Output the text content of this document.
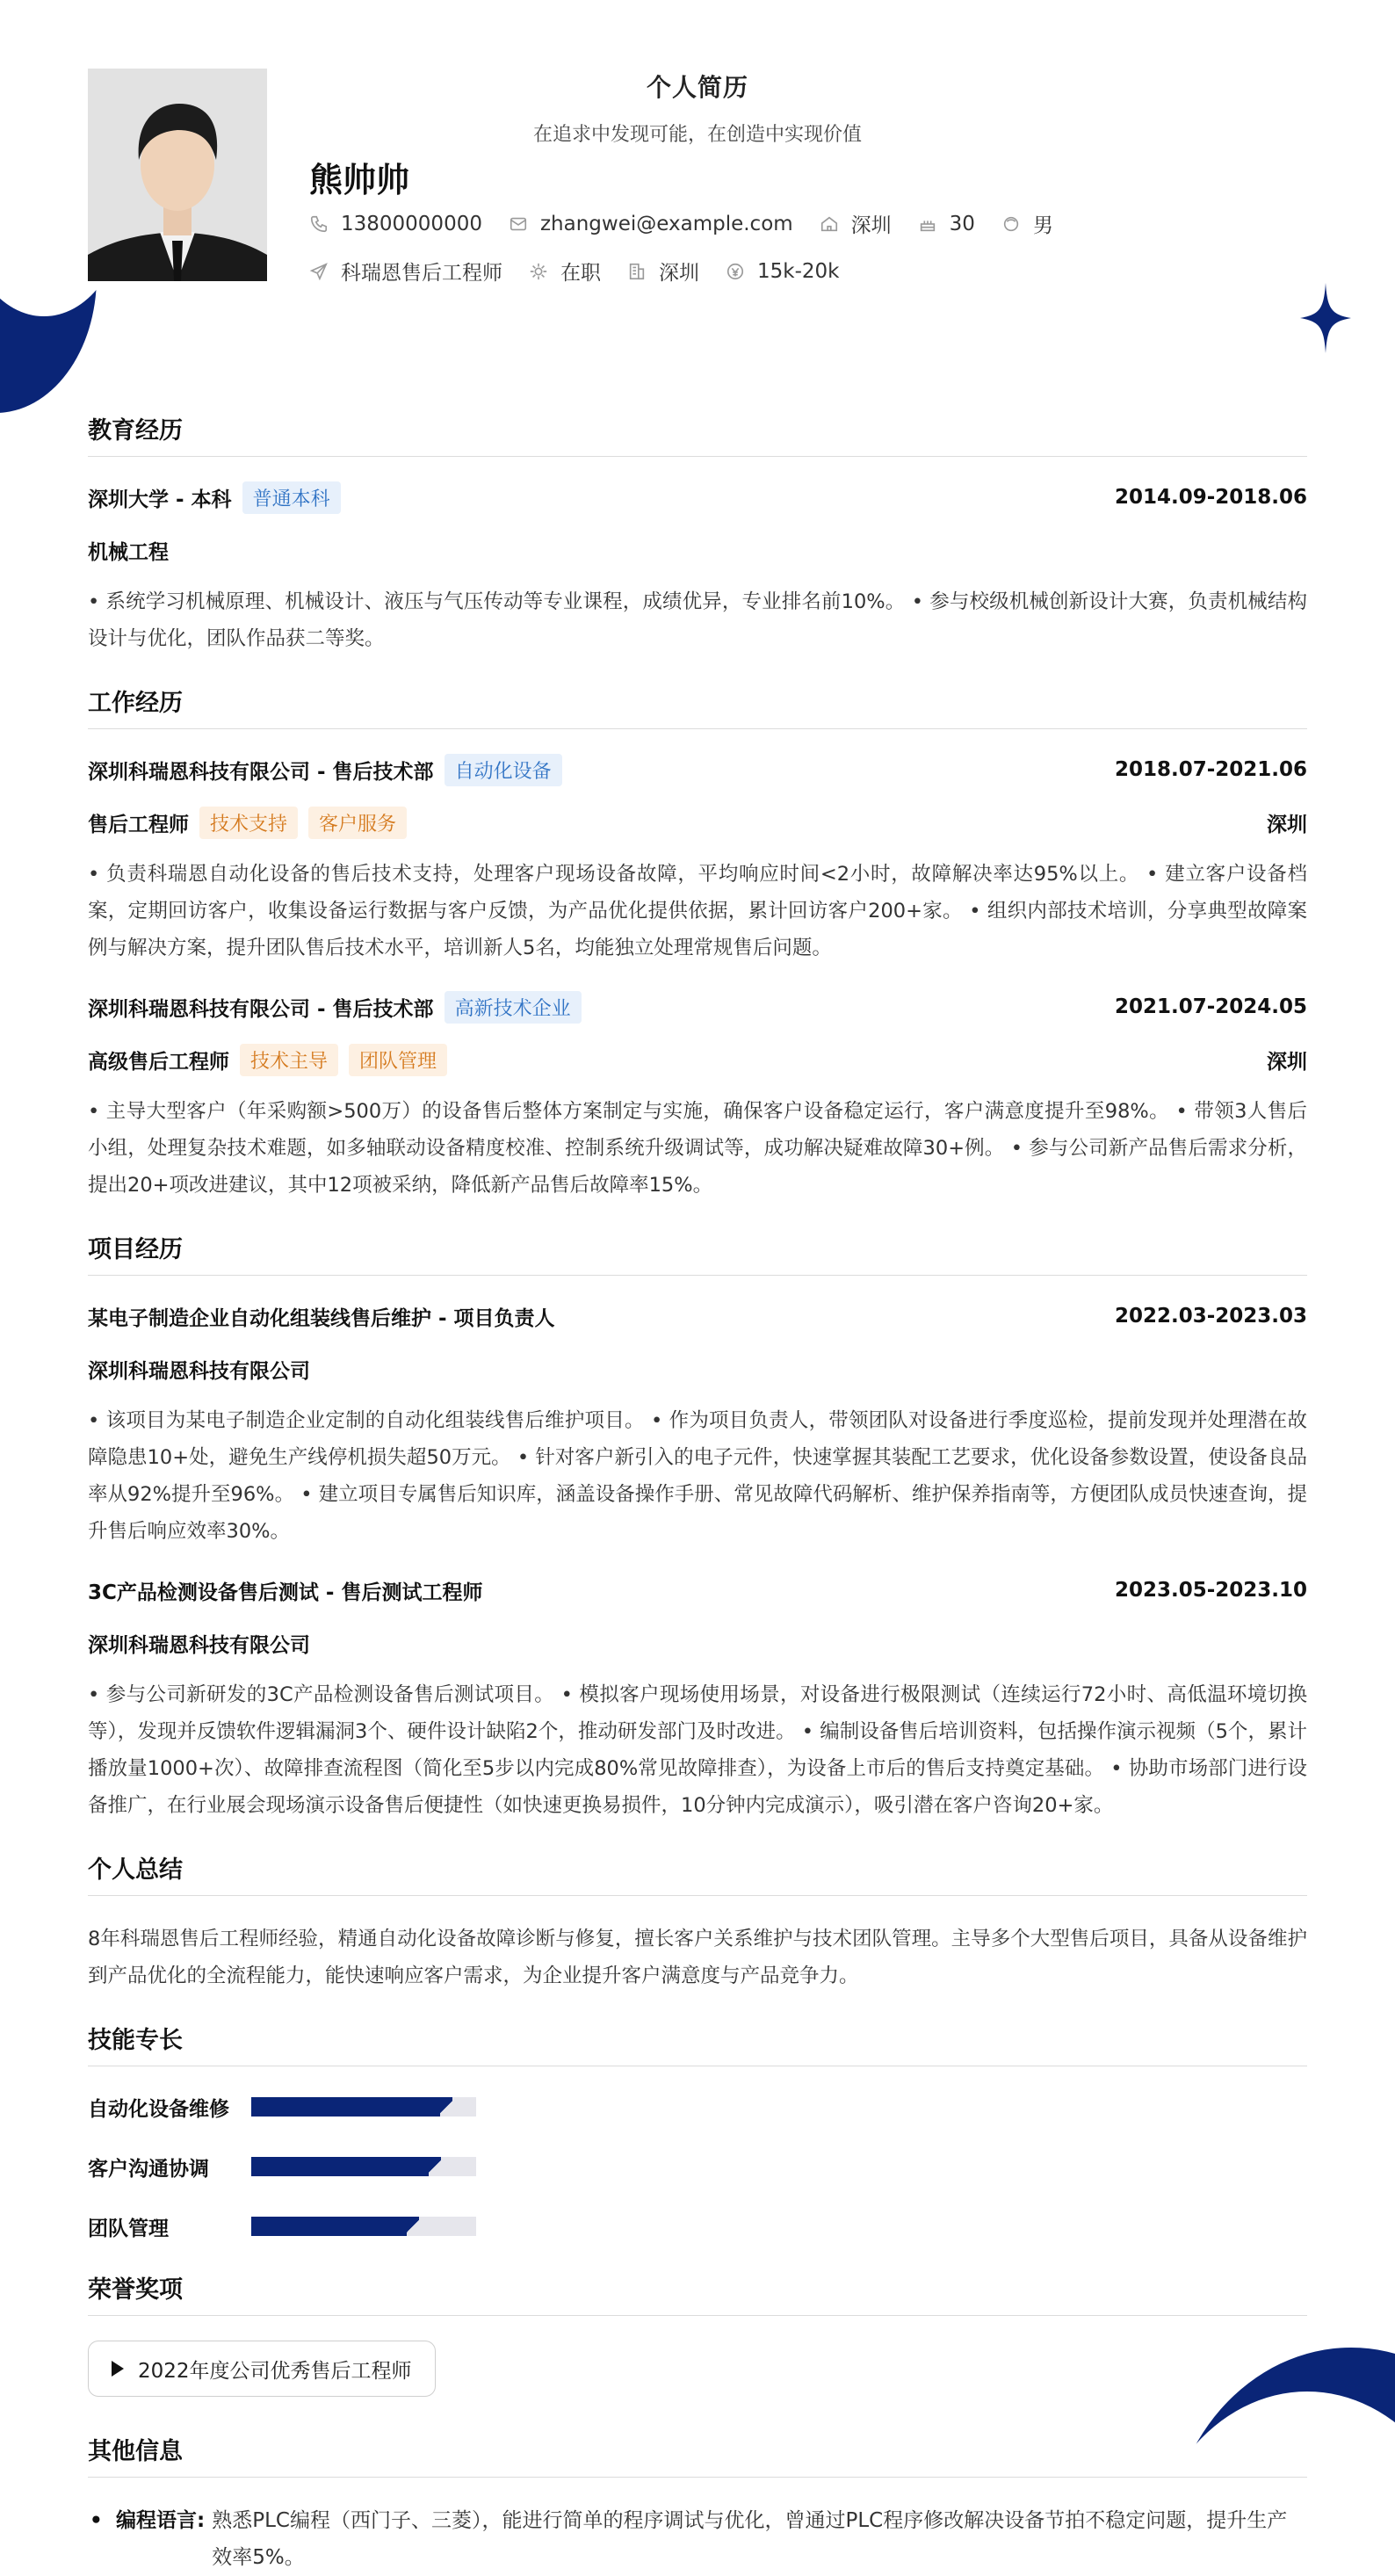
个人简历
在追求中发现可能，在创造中实现价值
熊帅帅
13800000000	zhangwei@example.com	深圳	30	男
科瑞恩售后工程师	在职	深圳	15k-20k
教育经历
深圳大学 - 本科	普通本科	2014.09-2018.06
机械工程
• 系统学习机械原理、机械设计、液压与气压传动等专业课程，成绩优异，专业排名前10%。 • 参与校级机械创新设计大赛，负责机械结构设计与优化，团队作品获二等奖。
工作经历
深圳科瑞恩科技有限公司 - 售后技术部	自动化设备	2018.07-2021.06
售后工程师	技术支持	客户服务	深圳
• 负责科瑞恩自动化设备的售后技术支持，处理客户现场设备故障，平均响应时间<2小时，故障解决率达95%以上。 • 建立客户设备档案，定期回访客户，收集设备运行数据与客户反馈，为产品优化提供依据，累计回访客户200+家。 • 组织内部技术培训，分享典型故障案例与解决方案，提升团队售后技术水平，培训新人5名，均能独立处理常规售后问题。
深圳科瑞恩科技有限公司 - 售后技术部	高新技术企业	2021.07-2024.05
高级售后工程师	技术主导	团队管理	深圳
• 主导大型客户（年采购额>500万）的设备售后整体方案制定与实施，确保客户设备稳定运行，客户满意度提升至98%。 • 带领3人售后小组，处理复杂技术难题，如多轴联动设备精度校准、控制系统升级调试等，成功解决疑难故障30+例。 • 参与公司新产品售后需求分析，提出20+项改进建议，其中12项被采纳，降低新产品售后故障率15%。
项目经历
某电子制造企业自动化组装线售后维护 - 项目负责人	2022.03-2023.03
深圳科瑞恩科技有限公司
• 该项目为某电子制造企业定制的自动化组装线售后维护项目。 • 作为项目负责人，带领团队对设备进行季度巡检，提前发现并处理潜在故障隐患10+处，避免生产线停机损失超50万元。 • 针对客户新引入的电子元件，快速掌握其装配工艺要求，优化设备参数设置，使设备良品率从92%提升至96%。 • 建立项目专属售后知识库，涵盖设备操作手册、常见故障代码解析、维护保养指南等，方便团队成员快速查询，提升售后响应效率30%。
3C产品检测设备售后测试 - 售后测试工程师	2023.05-2023.10
深圳科瑞恩科技有限公司
• 参与公司新研发的3C产品检测设备售后测试项目。 • 模拟客户现场使用场景，对设备进行极限测试（连续运行72小时、高低温环境切换等），发现并反馈软件逻辑漏洞3个、硬件设计缺陷2个，推动研发部门及时改进。 • 编制设备售后培训资料，包括操作演示视频（5个，累计播放量1000+次）、故障排查流程图（简化至5步以内完成80%常见故障排查），为设备上市后的售后支持奠定基础。 • 协助市场部门进行设备推广，在行业展会现场演示设备售后便捷性（如快速更换易损件，10分钟内完成演示），吸引潜在客户咨询20+家。
个人总结
8年科瑞恩售后工程师经验，精通自动化设备故障诊断与修复，擅长客户关系维护与技术团队管理。主导多个大型售后项目，具备从设备维护到产品优化的全流程能力，能快速响应客户需求，为企业提升客户满意度与产品竞争力。
技能专长
自动化设备维修
客户沟通协调
团队管理
荣誉奖项
2022年度公司优秀售后工程师
其他信息
• 编程语言: 熟悉PLC编程（西门子、三菱），能进行简单的程序调试与优化，曾通过PLC程序修改解决设备节拍不稳定问题，提升生产效率5%。
